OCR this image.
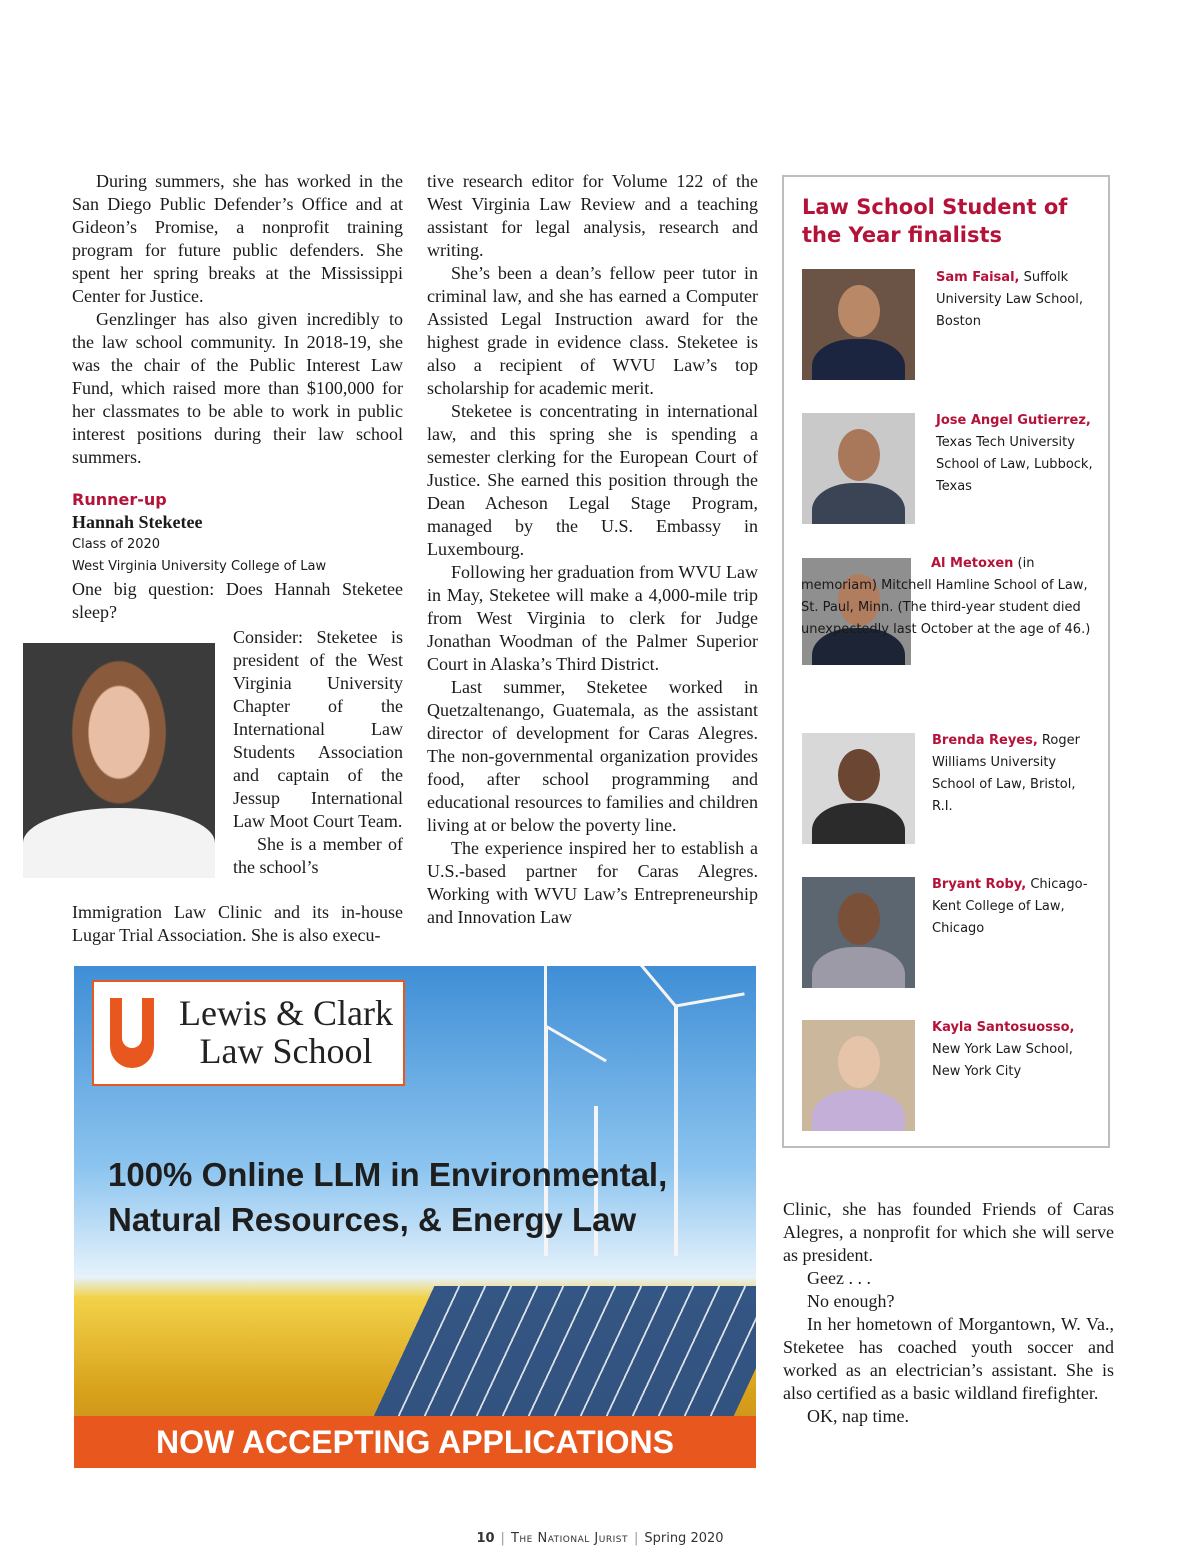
During summers, she has worked in the San Diego Public Defender’s Office and at Gideon’s Promise, a nonprofit training program for future public defenders. She spent her spring breaks at the Mississippi Center for Justice.

Genzlinger has also given incredibly to the law school community. In 2018-19, she was the chair of the Public Interest Law Fund, which raised more than $100,000 for her classmates to be able to work in public interest positions during their law school summers.

Runner-up
Hannah Steketee
Class of 2020
West Virginia University College of Law
One big question: Does Hannah Steketee sleep?

Consider: Steketee is president of the West Virginia University Chapter of the International Law Students Association and captain of the Jessup International Law Moot Court Team.

She is a member of the school’s

Immigration Law Clinic and its in-house Lugar Trial Association. She is also execu-

tive research editor for Volume 122 of the West Virginia Law Review and a teaching assistant for legal analysis, research and writing.

She’s been a dean’s fellow peer tutor in criminal law, and she has earned a Computer Assisted Legal Instruction award for the highest grade in evidence class. Steketee is also a recipient of WVU Law’s top scholarship for academic merit.

Steketee is concentrating in international law, and this spring she is spending a semester clerking for the European Court of Justice. She earned this position through the Dean Acheson Legal Stage Program, managed by the U.S. Embassy in Luxembourg.

Following her graduation from WVU Law in May, Steketee will make a 4,000-mile trip from West Virginia to clerk for Judge Jonathan Woodman of the Palmer Superior Court in Alaska’s Third District.

Last summer, Steketee worked in Quetzaltenango, Guatemala, as the assistant director of development for Caras Alegres. The non-governmental organization provides food, after school programming and educational resources to families and children living at or below the poverty line.

The experience inspired her to establish a U.S.-based partner for Caras Alegres. Working with WVU Law’s Entrepreneurship and Innovation Law

Law School Student of the Year finalists
Sam Faisal, Suffolk University Law School, Boston
Jose Angel Gutierrez, Texas Tech University School of Law, Lubbock, Texas
Al Metoxen (in memoriam) Mitchell Hamline School of Law, St. Paul, Minn. (The third-year student died unexpectedly last October at the age of 46.)
Brenda Reyes, Roger Williams University School of Law, Bristol, R.I.
Bryant Roby, Chicago-Kent College of Law, Chicago
Kayla Santosuosso, New York Law School, New York City
Lewis & Clark
Law School
100% Online LLM in Environmental,
Natural Resources, & Energy Law
NOW ACCEPTING APPLICATIONS

Clinic, she has founded Friends of Caras Alegres, a nonprofit for which she will serve as president.

Geez . . .

No enough?

In her hometown of Morgantown, W. Va., Steketee has coached youth soccer and worked as an electrician’s assistant. She is also certified as a basic wildland firefighter.

OK, nap time.

10 | The National Jurist | Spring 2020
